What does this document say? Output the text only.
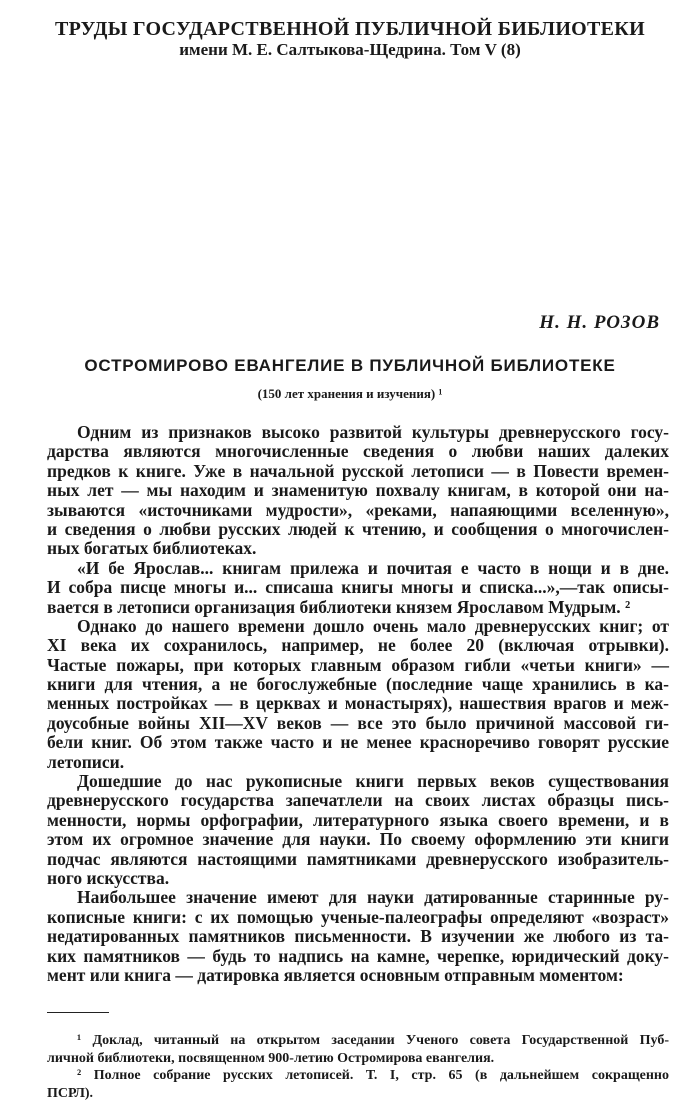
ТРУДЫ ГОСУДАРСТВЕННОЙ ПУБЛИЧНОЙ БИБЛИОТЕКИ
имени М. Е. Салтыкова-Щедрина. Том V (8)
Н. Н. РОЗОВ
ОСТРОМИРОВО ЕВАНГЕЛИЕ В ПУБЛИЧНОЙ БИБЛИОТЕКЕ
(150 лет хранения и изучения) ¹
Одним из признаков высоко развитой культуры древнерусского госу-
дарства являются многочисленные сведения о любви наших далеких
предков к книге. Уже в начальной русской летописи — в Повести времен-
ных лет — мы находим и знаменитую похвалу книгам, в которой они на-
зываются «источниками мудрости», «реками, напаяющими вселенную»,
и сведения о любви русских людей к чтению, и сообщения о многочислен-
ных богатых библиотеках.
«И бе Ярослав... книгам прилежа и почитая е часто в нощи и в дне.
И собра писце многы и... списаша книгы многы и списка...»,—так описы-
вается в летописи организация библиотеки князем Ярославом Мудрым. ²
Однако до нашего времени дошло очень мало древнерусских книг; от
XI века их сохранилось, например, не более 20 (включая отрывки).
Частые пожары, при которых главным образом гибли «четьи книги» —
книги для чтения, а не богослужебные (последние чаще хранились в ка-
менных постройках — в церквах и монастырях), нашествия врагов и меж-
доусобные войны XII—XV веков — все это было причиной массовой ги-
бели книг. Об этом также часто и не менее красноречиво говорят русские
летописи.
Дошедшие до нас рукописные книги первых веков существования
древнерусского государства запечатлели на своих листах образцы пись-
менности, нормы орфографии, литературного языка своего времени, и в
этом их огромное значение для науки. По своему оформлению эти книги
подчас являются настоящими памятниками древнерусского изобразитель-
ного искусства.
Наибольшее значение имеют для науки датированные старинные ру-
кописные книги: с их помощью ученые-палеографы определяют «возраст»
недатированных памятников письменности. В изучении же любого из та-
ких памятников — будь то надпись на камне, черепке, юридический доку-
мент или книга — датировка является основным отправным моментом:
¹ Доклад, читанный на открытом заседании Ученого совета Государственной Пуб-
личной библиотеки, посвященном 900-летию Остромирова евангелия.
² Полное собрание русских летописей. Т. I, стр. 65 (в дальнейшем сокращенно
ПСРЛ).
